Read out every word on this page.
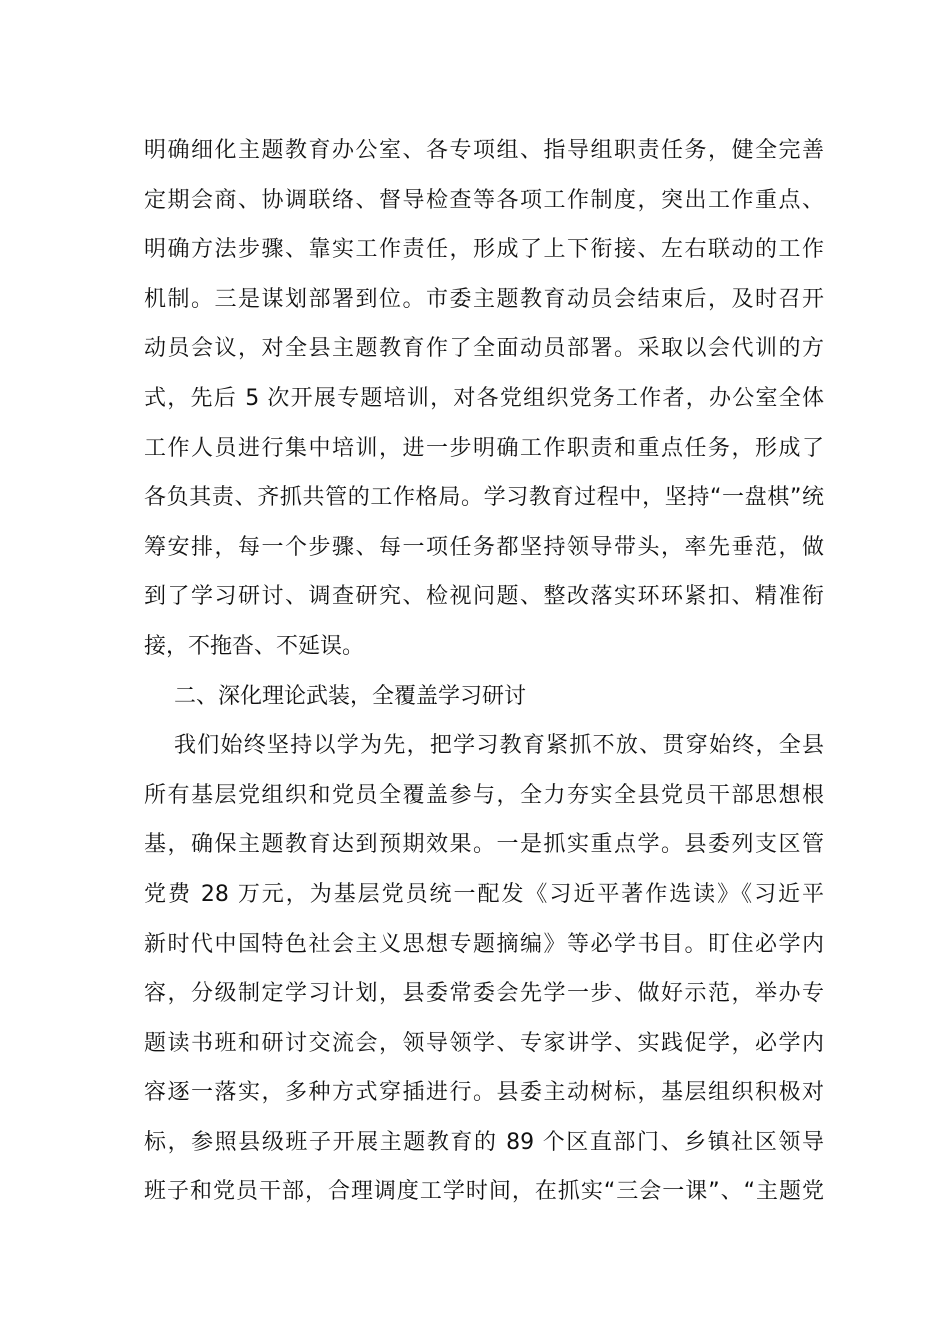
明确细化主题教育办公室、各专项组、指导组职责任务，健全完善
定期会商、协调联络、督导检查等各项工作制度，突出工作重点、
明确方法步骤、靠实工作责任，形成了上下衔接、左右联动的工作
机制。三是谋划部署到位。市委主题教育动员会结束后，及时召开
动员会议，对全县主题教育作了全面动员部署。采取以会代训的方
式，先后 5 次开展专题培训，对各党组织党务工作者，办公室全体
工作人员进行集中培训，进一步明确工作职责和重点任务，形成了
各负其责、齐抓共管的工作格局。学习教育过程中，坚持“一盘棋”统
筹安排，每一个步骤、每一项任务都坚持领导带头，率先垂范，做
到了学习研讨、调查研究、检视问题、整改落实环环紧扣、精准衔
接，不拖沓、不延误。
二、深化理论武装，全覆盖学习研讨
我们始终坚持以学为先，把学习教育紧抓不放、贯穿始终，全县
所有基层党组织和党员全覆盖参与，全力夯实全县党员干部思想根
基，确保主题教育达到预期效果。一是抓实重点学。县委列支区管
党费 28 万元，为基层党员统一配发《习近平著作选读》《习近平
新时代中国特色社会主义思想专题摘编》等必学书目。盯住必学内
容，分级制定学习计划，县委常委会先学一步、做好示范，举办专
题读书班和研讨交流会，领导领学、专家讲学、实践促学，必学内
容逐一落实，多种方式穿插进行。县委主动树标，基层组织积极对
标，参照县级班子开展主题教育的 89 个区直部门、乡镇社区领导
班子和党员干部，合理调度工学时间，在抓实“三会一课”、“主题党
